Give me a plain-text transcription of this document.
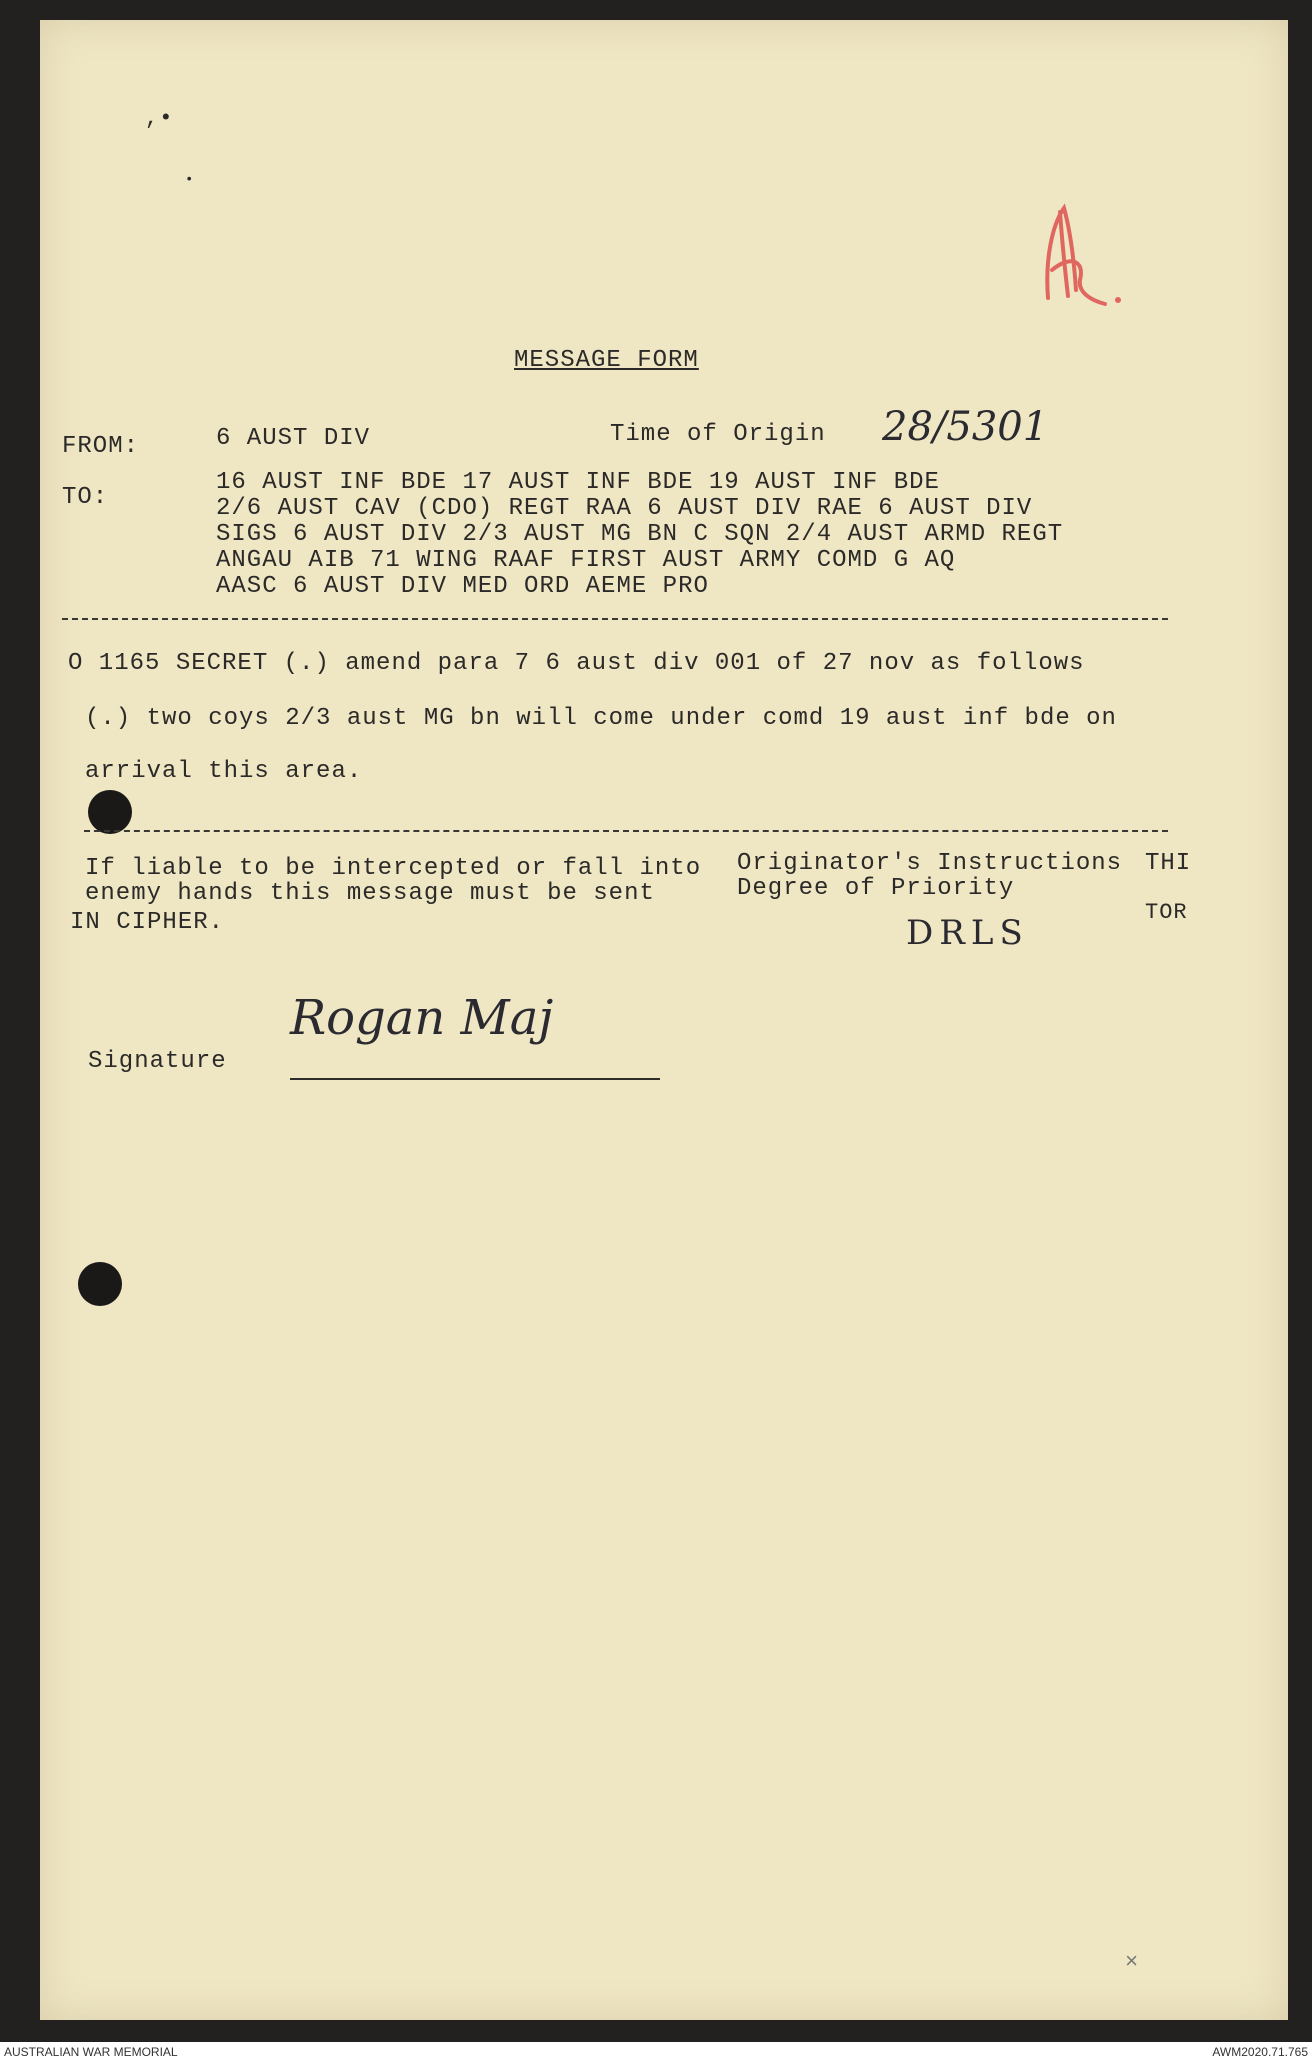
,•
•
MESSAGE FORM
FROM:	6 AUST DIV	Time of Origin 28/5301
TO:
16 AUST INF BDE 17 AUST INF BDE 19 AUST INF BDE
2/6 AUST CAV (CDO) REGT RAA 6 AUST DIV RAE 6 AUST DIV
SIGS 6 AUST DIV 2/3 AUST MG BN C SQN 2/4 AUST ARMD REGT
ANGAU AIB 71 WING RAAF FIRST AUST ARMY COMD G AQ
AASC 6 AUST DIV MED ORD AEME PRO
O 1165 SECRET (.) amend para 7 6 aust div 001 of 27 nov as follows
(.) two coys 2/3 aust MG bn will come under comd 19 aust inf bde on
arrival this area.
If liable to be intercepted or fall into
enemy hands this message must be sent
IN CIPHER.
Originator's Instructions
Degree of Priority
DRLS
THI
TOR
Signature
Rogan Maj
×
AUSTRALIAN WAR MEMORIAL	AWM2020.71.765
